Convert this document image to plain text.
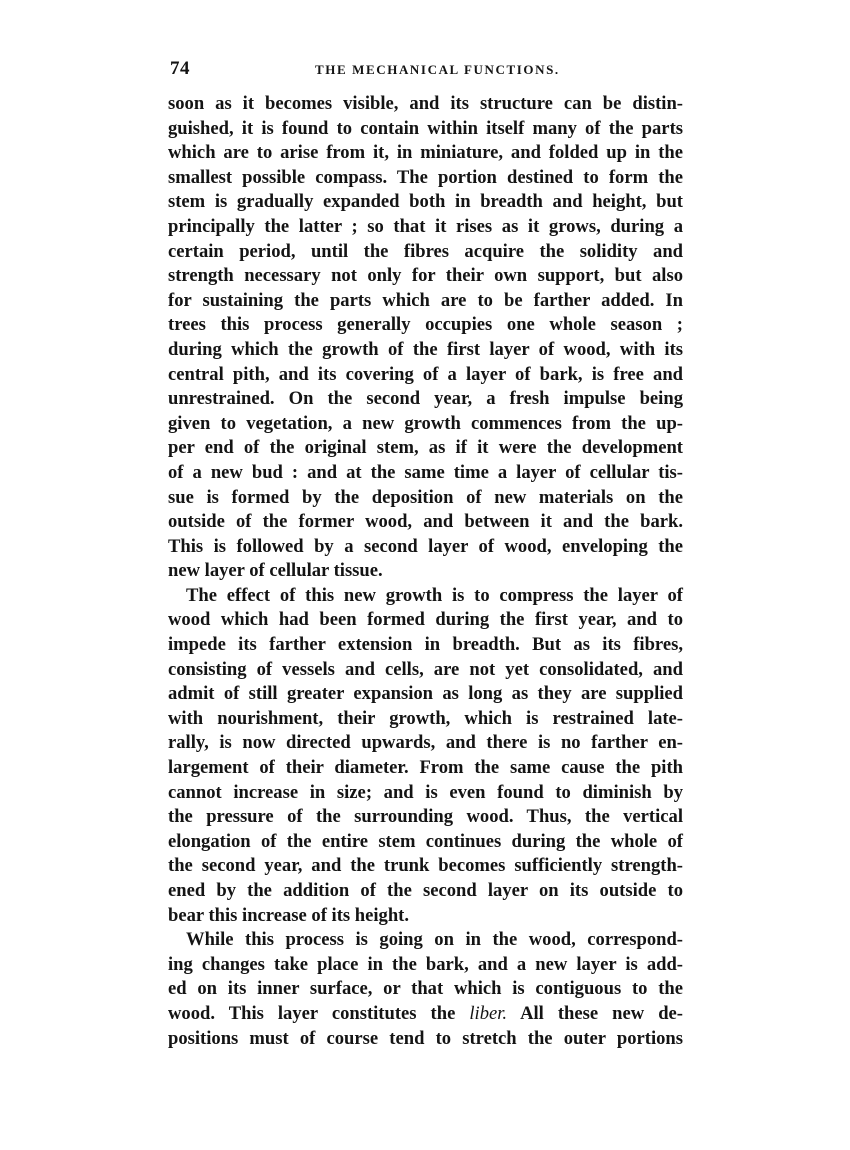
74	THE MECHANICAL FUNCTIONS.
soon as it becomes visible, and its structure can be distin-
guished, it is found to contain within itself many of the parts
which are to arise from it, in miniature, and folded up in the
smallest possible compass. The portion destined to form the
stem is gradually expanded both in breadth and height, but
principally the latter ; so that it rises as it grows, during a
certain period, until the fibres acquire the solidity and
strength necessary not only for their own support, but also
for sustaining the parts which are to be farther added. In
trees this process generally occupies one whole season ;
during which the growth of the first layer of wood, with its
central pith, and its covering of a layer of bark, is free and
unrestrained. On the second year, a fresh impulse being
given to vegetation, a new growth commences from the up-
per end of the original stem, as if it were the development
of a new bud : and at the same time a layer of cellular tis-
sue is formed by the deposition of new materials on the
outside of the former wood, and between it and the bark.
This is followed by a second layer of wood, enveloping the
new layer of cellular tissue.
The effect of this new growth is to compress the layer of
wood which had been formed during the first year, and to
impede its farther extension in breadth. But as its fibres,
consisting of vessels and cells, are not yet consolidated, and
admit of still greater expansion as long as they are supplied
with nourishment, their growth, which is restrained late-
rally, is now directed upwards, and there is no farther en-
largement of their diameter. From the same cause the pith
cannot increase in size; and is even found to diminish by
the pressure of the surrounding wood. Thus, the vertical
elongation of the entire stem continues during the whole of
the second year, and the trunk becomes sufficiently strength-
ened by the addition of the second layer on its outside to
bear this increase of its height.
While this process is going on in the wood, correspond-
ing changes take place in the bark, and a new layer is add-
ed on its inner surface, or that which is contiguous to the
wood. This layer constitutes the liber. All these new de-
positions must of course tend to stretch the outer portions
